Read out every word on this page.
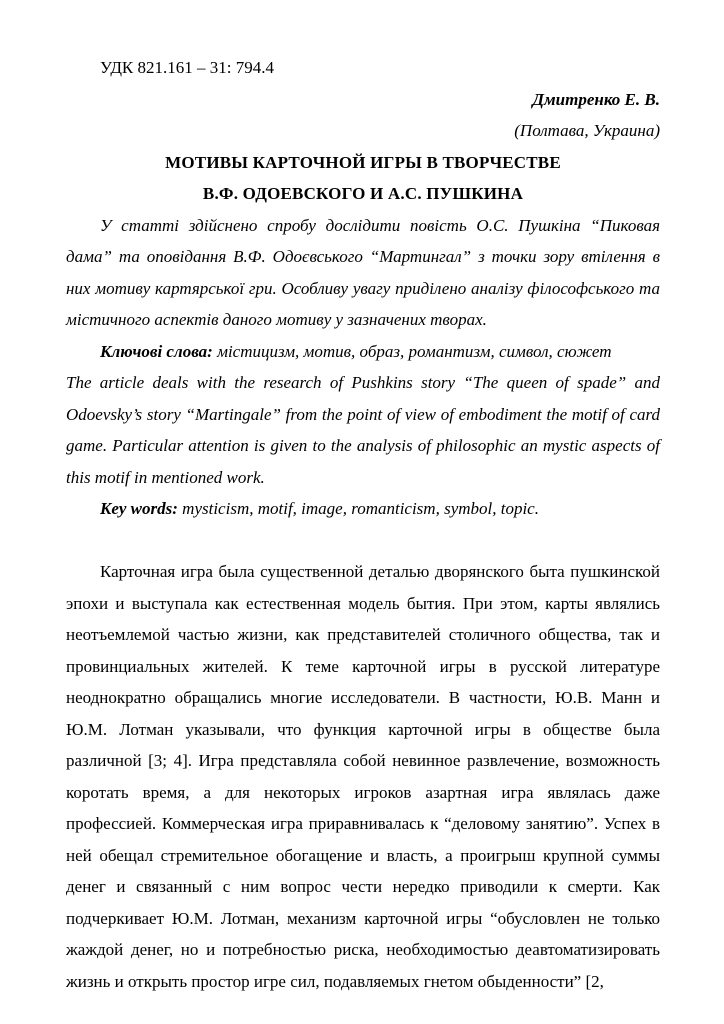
УДК 821.161 – 31: 794.4

Дмитренко Е. В.

(Полтава, Украина)

МОТИВЫ КАРТОЧНОЙ ИГРЫ В ТВОРЧЕСТВЕ

В.Ф. ОДОЕВСКОГО И А.С. ПУШКИНА

У статті здійснено спробу дослідити повість О.С. Пушкіна “Пиковая дама” та оповідання В.Ф. Одоєвського “Мартингал” з точки зору втілення в них мотиву картярської гри. Особливу увагу приділено аналізу філософського та містичного аспектів даного мотиву у зазначених творах.

Ключові слова: містицизм, мотив, образ, романтизм, символ, сюжет

The article deals with the research of Pushkins story “The queen of spade” and Odoevsky’s story “Martingale” from the point of view of embodiment the motif of card game. Particular attention is given to the analysis of philosophic an mystic aspects of this motif in mentioned work.

Key words: mysticism, motif, image, romanticism, symbol, topic.

Карточная игра была существенной деталью дворянского быта пушкинской эпохи и выступала как естественная модель бытия. При этом, карты являлись неотъемлемой частью жизни, как представителей столичного общества, так и провинциальных жителей. К теме карточной игры в русской литературе неоднократно обращались многие исследователи. В частности, Ю.В. Манн и Ю.М. Лотман указывали, что функция карточной игры в обществе была различной [3; 4]. Игра представляла собой невинное развлечение, возможность коротать время, а для некоторых игроков азартная игра являлась даже профессией. Коммерческая игра приравнивалась к “деловому занятию”. Успех в ней обещал стремительное обогащение и власть, а проигрыш крупной суммы денег и связанный с ним вопрос чести нередко приводили к смерти. Как подчеркивает Ю.М. Лотман, механизм карточной игры “обусловлен не только жаждой денег, но и потребностью риска, необходимостью деавтоматизировать жизнь и открыть простор игре сил, подавляемых гнетом обыденности” [2,
